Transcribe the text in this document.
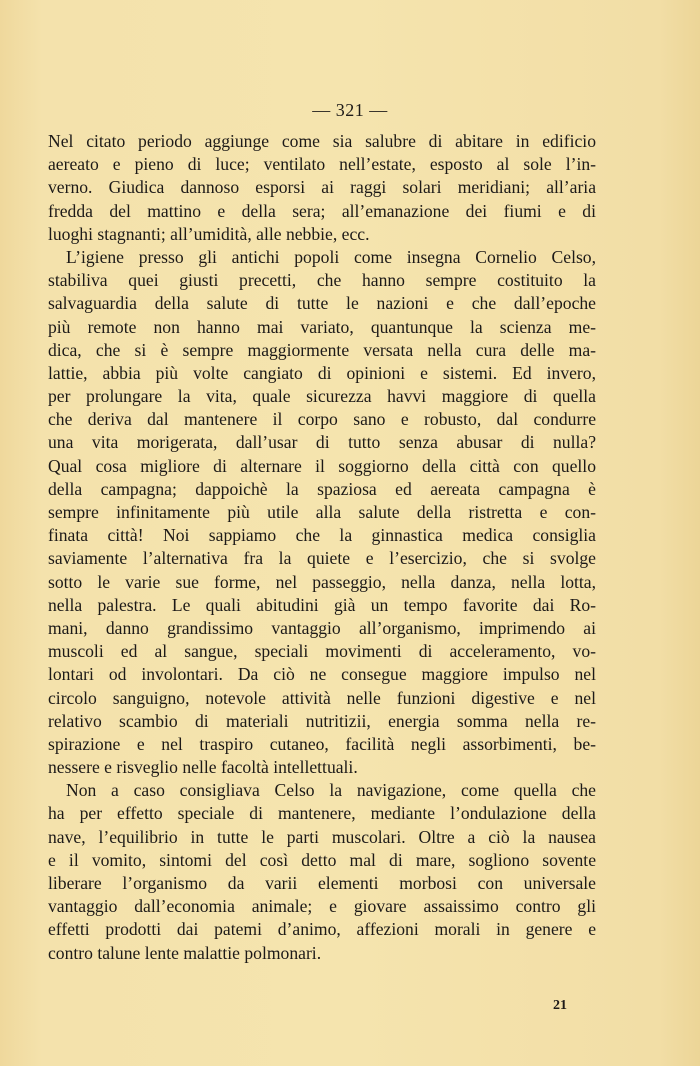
— 321 —
Nel citato periodo aggiunge come sia salubre di abitare in edificio
aereato e pieno di luce; ventilato nell’estate, esposto al sole l’in-
verno. Giudica dannoso esporsi ai raggi solari meridiani; all’aria
fredda del mattino e della sera; all’emanazione dei fiumi e di
luoghi stagnanti; all’umidità, alle nebbie, ecc.
L’igiene presso gli antichi popoli come insegna Cornelio Celso,
stabiliva quei giusti precetti, che hanno sempre costituito la
salvaguardia della salute di tutte le nazioni e che dall’epoche
più remote non hanno mai variato, quantunque la scienza me-
dica, che si è sempre maggiormente versata nella cura delle ma-
lattie, abbia più volte cangiato di opinioni e sistemi. Ed invero,
per prolungare la vita, quale sicurezza havvi maggiore di quella
che deriva dal mantenere il corpo sano e robusto, dal condurre
una vita morigerata, dall’usar di tutto senza abusar di nulla?
Qual cosa migliore di alternare il soggiorno della città con quello
della campagna; dappoichè la spaziosa ed aereata campagna è
sempre infinitamente più utile alla salute della ristretta e con-
finata città! Noi sappiamo che la ginnastica medica consiglia
saviamente l’alternativa fra la quiete e l’esercizio, che si svolge
sotto le varie sue forme, nel passeggio, nella danza, nella lotta,
nella palestra. Le quali abitudini già un tempo favorite dai Ro-
mani, danno grandissimo vantaggio all’organismo, imprimendo ai
muscoli ed al sangue, speciali movimenti di acceleramento, vo-
lontari od involontari. Da ciò ne consegue maggiore impulso nel
circolo sanguigno, notevole attività nelle funzioni digestive e nel
relativo scambio di materiali nutritizii, energia somma nella re-
spirazione e nel traspiro cutaneo, facilità negli assorbimenti, be-
nessere e risveglio nelle facoltà intellettuali.
Non a caso consigliava Celso la navigazione, come quella che
ha per effetto speciale di mantenere, mediante l’ondulazione della
nave, l’equilibrio in tutte le parti muscolari. Oltre a ciò la nausea
e il vomito, sintomi del così detto mal di mare, sogliono sovente
liberare l’organismo da varii elementi morbosi con universale
vantaggio dall’economia animale; e giovare assaissimo contro gli
effetti prodotti dai patemi d’animo, affezioni morali in genere e
contro talune lente malattie polmonari.
21
